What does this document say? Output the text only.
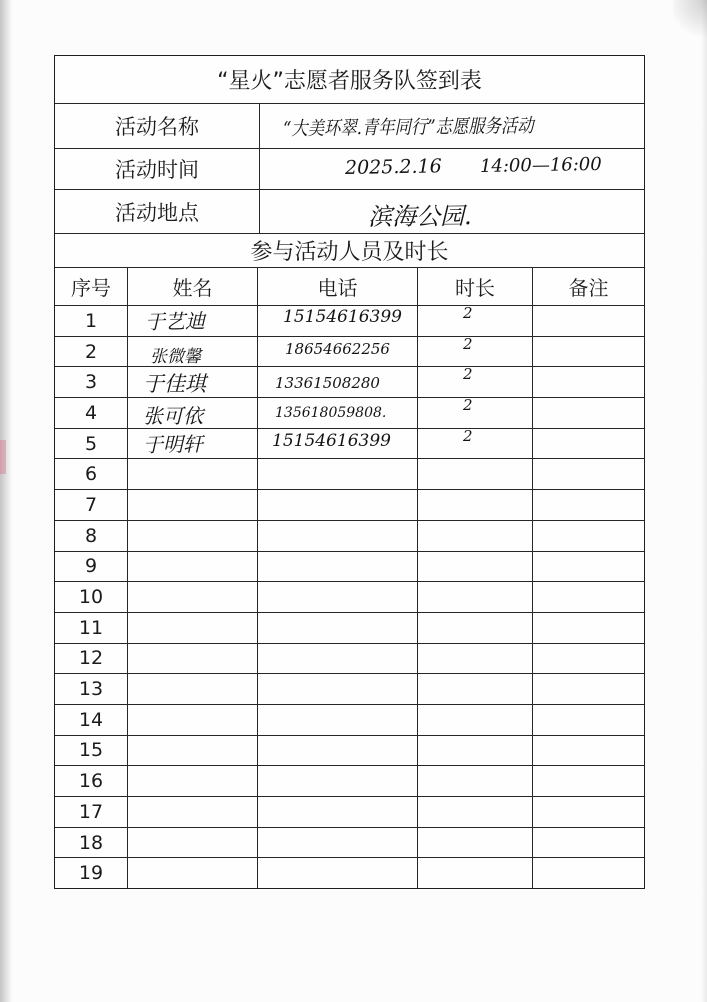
“星火”志愿者服务队签到表
活动名称	“大美环翠.青年同行”志愿服务活动
活动时间	2025.2.16 14:00—16:00
活动地点	滨海公园.
参与活动人员及时长
序号	姓名	电话	时长	备注
1	于艺迪	15154616399	2
2	张微馨	18654662256	2
3	于佳琪	13361508280	2
4	张可依	135618059808.	2
5	于明轩	15154616399	2
6
7
8
9
10
11
12
13
14
15
16
17
18
19
